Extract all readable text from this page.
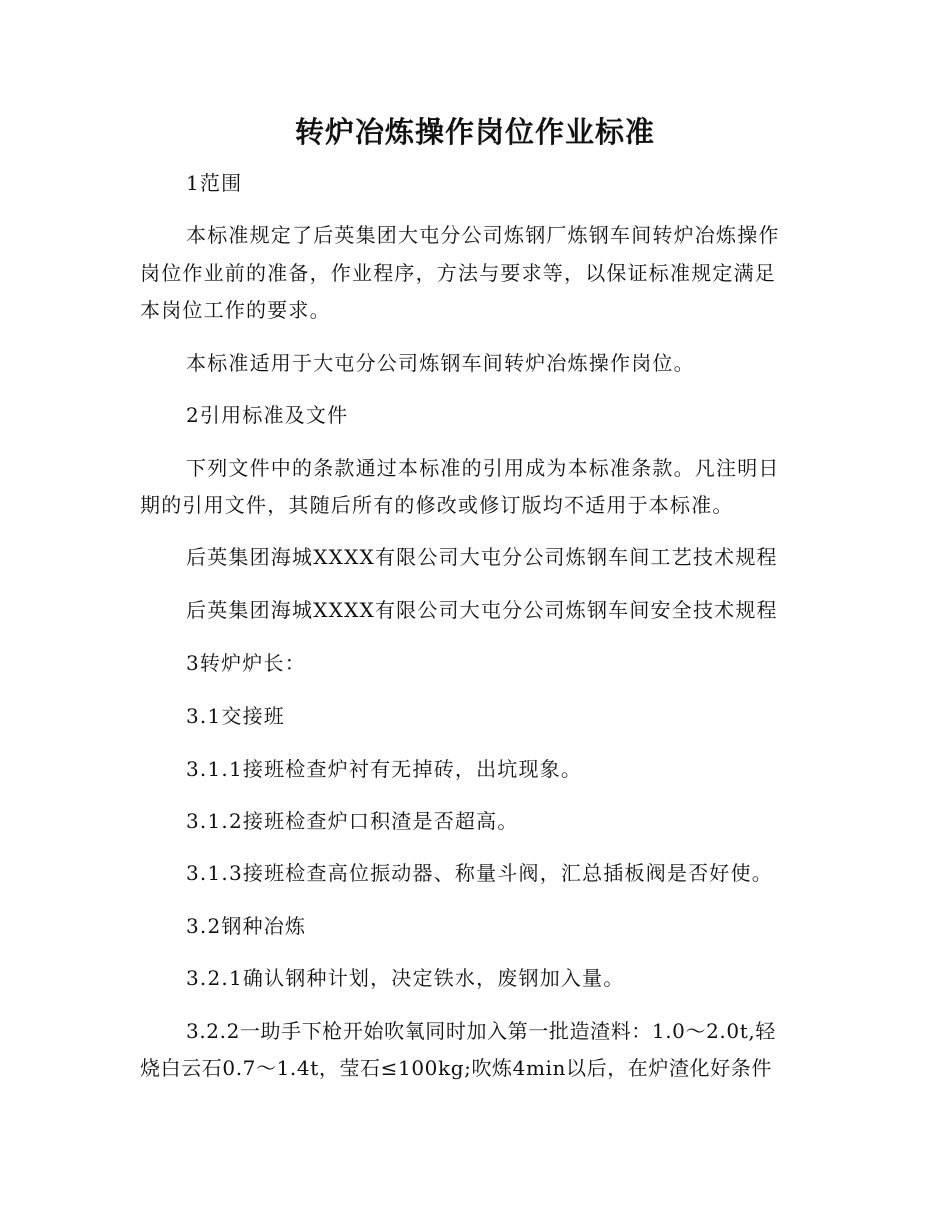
转炉冶炼操作岗位作业标准

1范围

本标准规定了后英集团大屯分公司炼钢厂炼钢车间转炉冶炼操作

岗位作业前的准备，作业程序，方法与要求等，以保证标准规定满足

本岗位工作的要求。

本标准适用于大屯分公司炼钢车间转炉冶炼操作岗位。

2引用标准及文件

下列文件中的条款通过本标准的引用成为本标准条款。凡注明日

期的引用文件，其随后所有的修改或修订版均不适用于本标准。

后英集团海城XXXX有限公司大屯分公司炼钢车间工艺技术规程

后英集团海城XXXX有限公司大屯分公司炼钢车间安全技术规程

3转炉炉长：

3.1交接班

3.1.1接班检查炉衬有无掉砖，出坑现象。

3.1.2接班检查炉口积渣是否超高。

3.1.3接班检查高位振动器、称量斗阀，汇总插板阀是否好使。

3.2钢种冶炼

3.2.1确认钢种计划，决定铁水，废钢加入量。

3.2.2一助手下枪开始吹氧同时加入第一批造渣料：1.0～2.0t,轻

烧白云石0.7～1.4t，莹石≤100kg;吹炼4min以后，在炉渣化好条件
